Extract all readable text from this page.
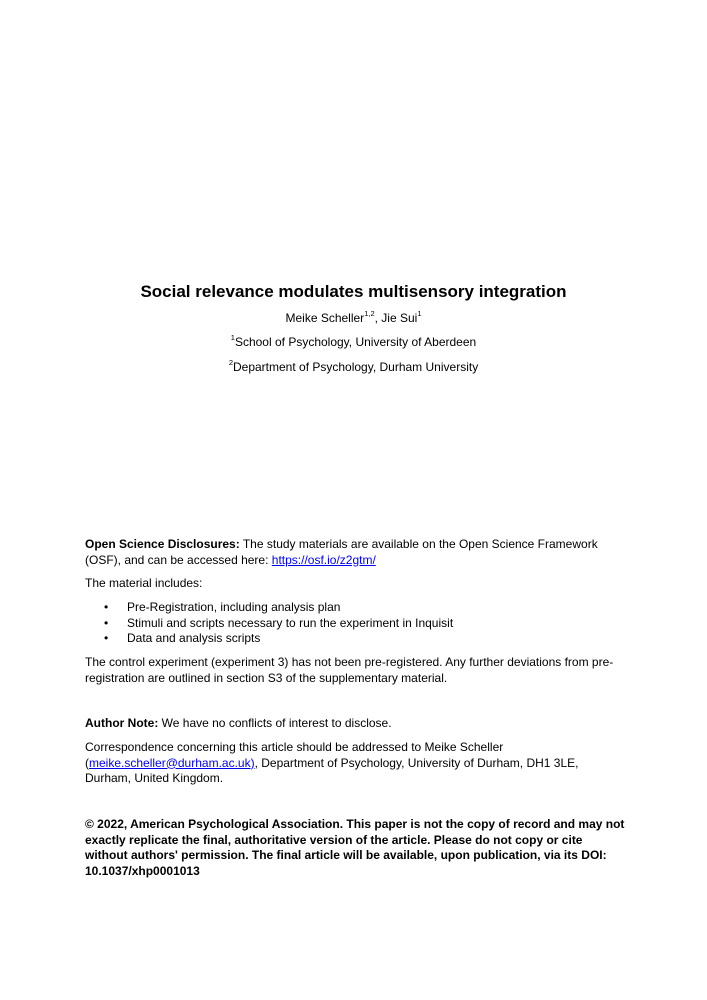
Social relevance modulates multisensory integration
Meike Scheller$^{1,2}$, Jie Sui$^1$
$^1$School of Psychology, University of Aberdeen
$^2$Department of Psychology, Durham University
Open Science Disclosures: The study materials are available on the Open Science Framework (OSF), and can be accessed here: https://osf.io/z2gtm/
The material includes:
• Pre-Registration, including analysis plan
• Stimuli and scripts necessary to run the experiment in Inquisit
• Data and analysis scripts
The control experiment (experiment 3) has not been pre-registered. Any further deviations from pre-registration are outlined in section S3 of the supplementary material.
Author Note: We have no conflicts of interest to disclose.
Correspondence concerning this article should be addressed to Meike Scheller (meike.scheller@durham.ac.uk), Department of Psychology, University of Durham, DH1 3LE, Durham, United Kingdom.
© 2022, American Psychological Association. This paper is not the copy of record and may not exactly replicate the final, authoritative version of the article. Please do not copy or cite without authors' permission. The final article will be available, upon publication, via its DOI: 10.1037/xhp0001013
